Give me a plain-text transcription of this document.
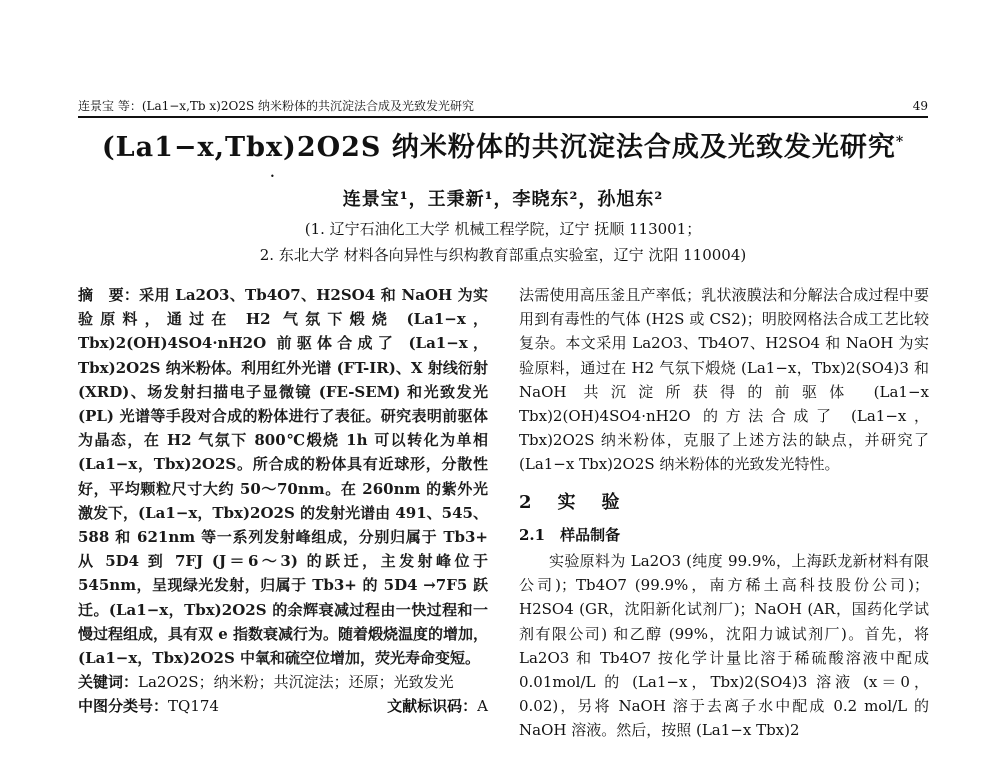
连景宝 等：(La1−x,Tb x)2O2S 纳米粉体的共沉淀法合成及光致发光研究	49
(La1−x,Tbx)2O2S 纳米粉体的共沉淀法合成及光致发光研究*
•
连景宝¹，王秉新¹，李晓东²，孙旭东²
(1. 辽宁石油化工大学 机械工程学院，辽宁 抚顺 113001；
2. 东北大学 材料各向异性与织构教育部重点实验室，辽宁 沈阳 110004)

摘　要：采用 La2O3、Tb4O7、H2SO4 和 NaOH 为实验原料，通过在 H2 气氛下煅烧 (La1−x，Tbx)2(OH)4SO4·nH2O 前驱体合成了 (La1−x，Tbx)2O2S 纳米粉体。利用红外光谱 (FT-IR)、X 射线衍射 (XRD)、场发射扫描电子显微镜 (FE-SEM) 和光致发光 (PL) 光谱等手段对合成的粉体进行了表征。研究表明前驱体为晶态，在 H2 气氛下 800℃煅烧 1h 可以转化为单相 (La1−x，Tbx)2O2S。所合成的粉体具有近球形，分散性好，平均颗粒尺寸大约 50～70nm。在 260nm 的紫外光激发下，(La1−x，Tbx)2O2S 的发射光谱由 491、545、588 和 621nm 等一系列发射峰组成，分别归属于 Tb3+ 从 5D4 到 7FJ (J＝6～3) 的跃迁，主发射峰位于 545nm，呈现绿光发射，归属于 Tb3+ 的 5D4 →7F5 跃迁。(La1−x，Tbx)2O2S 的余辉衰减过程由一快过程和一慢过程组成，具有双 e 指数衰减行为。随着煅烧温度的增加，(La1−x，Tbx)2O2S 中氧和硫空位增加，荧光寿命变短。

关键词：La2O2S；纳米粉；共沉淀法；还原；光致发光

中图分类号：TQ174	文献标识码：A

法需使用高压釜且产率低；乳状液膜法和分解法合成过程中要用到有毒性的气体 (H2S 或 CS2)；明胶网格法合成工艺比较复杂。本文采用 La2O3、Tb4O7、H2SO4 和 NaOH 为实验原料，通过在 H2 气氛下煅烧 (La1−x，Tbx)2(SO4)3 和 NaOH 共沉淀所获得的前驱体 (La1−x Tbx)2(OH)4SO4·nH2O 的方法合成了 (La1−x，Tbx)2O2S 纳米粉体，克服了上述方法的缺点，并研究了 (La1−x Tbx)2O2S 纳米粉体的光致发光特性。

2　实　验
2.1　样品制备

实验原料为 La2O3 (纯度 99.9%，上海跃龙新材料有限公司)；Tb4O7 (99.9%，南方稀土高科技股份公司)；H2SO4 (GR，沈阳新化试剂厂)；NaOH (AR，国药化学试剂有限公司) 和乙醇 (99%，沈阳力诚试剂厂)。首先，将 La2O3 和 Tb4O7 按化学计量比溶于稀硫酸溶液中配成 0.01mol/L 的 (La1−x，Tbx)2(SO4)3 溶液 (x＝0，0.02)，另将 NaOH 溶于去离子水中配成 0.2 mol/L 的 NaOH 溶液。然后，按照 (La1−x Tbx)2
